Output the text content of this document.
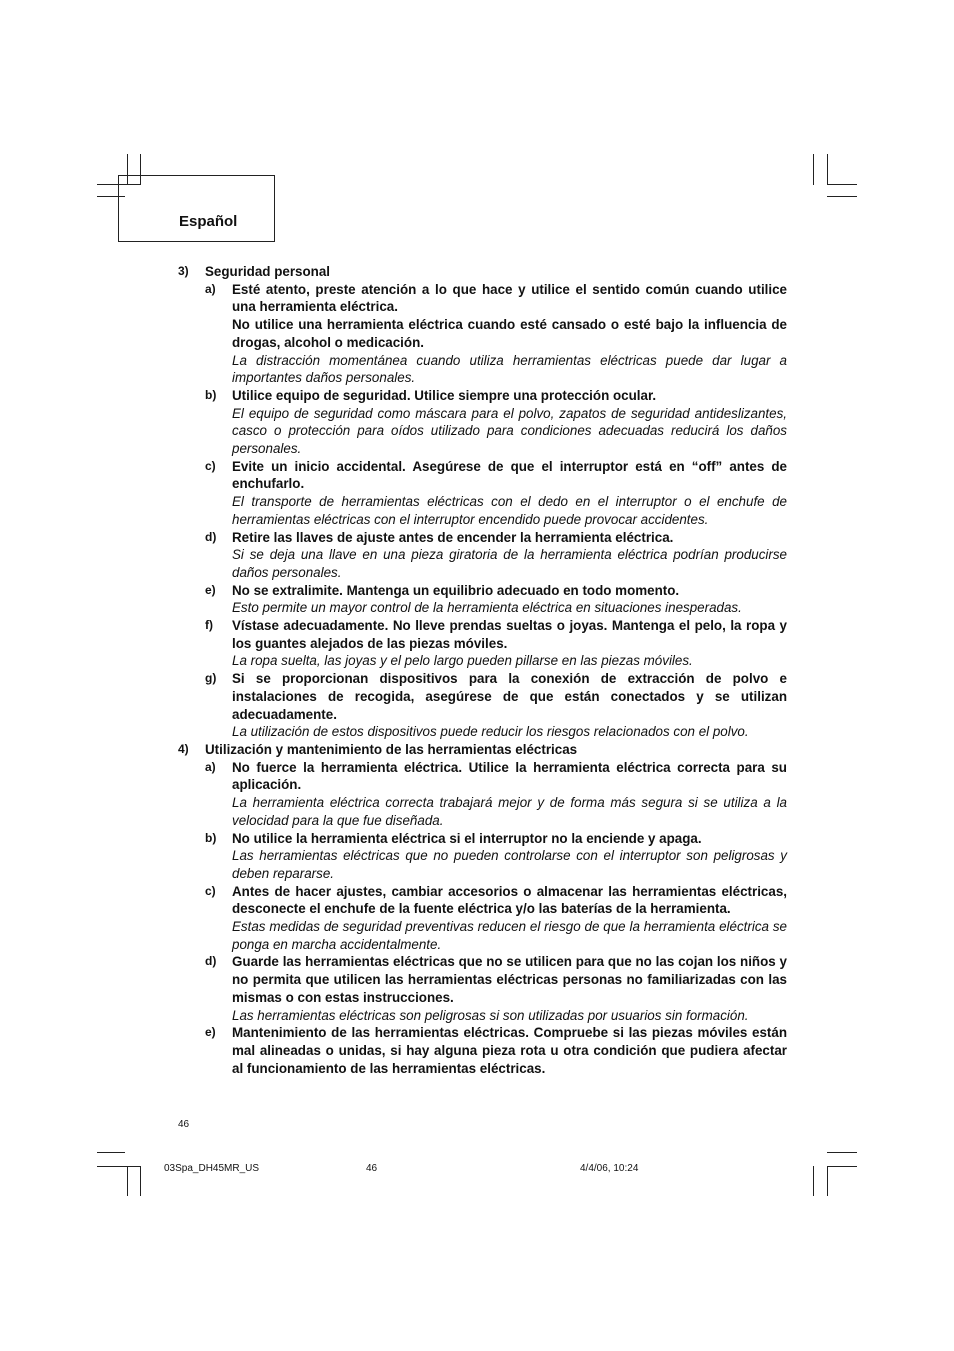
Español
3)	Seguridad personal
a)	Esté atento, preste atención a lo que hace y utilice el sentido común cuando utilice una herramienta eléctrica.

No utilice una herramienta eléctrica cuando esté cansado o esté bajo la influencia de drogas, alcohol o medicación.

La distracción momentánea cuando utiliza herramientas eléctricas puede dar lugar a importantes daños personales.

b)	Utilice equipo de seguridad. Utilice siempre una protección ocular.

El equipo de seguridad como máscara para el polvo, zapatos de seguridad antideslizantes, casco o protección para oídos utilizado para condiciones adecuadas reducirá los daños personales.

c)	Evite un inicio accidental. Asegúrese de que el interruptor está en “off” antes de enchufarlo.

El transporte de herramientas eléctricas con el dedo en el interruptor o el enchufe de herramientas eléctricas con el interruptor encendido puede provocar accidentes.

d)	Retire las llaves de ajuste antes de encender la herramienta eléctrica.

Si se deja una llave en una pieza giratoria de la herramienta eléctrica podrían producirse daños personales.

e)	No se extralimite. Mantenga un equilibrio adecuado en todo momento.

Esto permite un mayor control de la herramienta eléctrica en situaciones inesperadas.

f)	Vístase adecuadamente. No lleve prendas sueltas o joyas. Mantenga el pelo, la ropa y los guantes alejados de las piezas móviles.

La ropa suelta, las joyas y el pelo largo pueden pillarse en las piezas móviles.

g)	Si se proporcionan dispositivos para la conexión de extracción de polvo e instalaciones de recogida, asegúrese de que están conectados y se utilizan adecuadamente.

La utilización de estos dispositivos puede reducir los riesgos relacionados con el polvo.

4)	Utilización y mantenimiento de las herramientas eléctricas
a)	No fuerce la herramienta eléctrica. Utilice la herramienta eléctrica correcta para su aplicación.

La herramienta eléctrica correcta trabajará mejor y de forma más segura si se utiliza a la velocidad para la que fue diseñada.

b)	No utilice la herramienta eléctrica si el interruptor no la enciende y apaga.

Las herramientas eléctricas que no pueden controlarse con el interruptor son peligrosas y deben repararse.

c)	Antes de hacer ajustes, cambiar accesorios o almacenar las herramientas eléctricas, desconecte el enchufe de la fuente eléctrica y/o las baterías de la herramienta.

Estas medidas de seguridad preventivas reducen el riesgo de que la herramienta eléctrica se ponga en marcha accidentalmente.

d)	Guarde las herramientas eléctricas que no se utilicen para que no las cojan los niños y no permita que utilicen las herramientas eléctricas personas no familiarizadas con las mismas o con estas instrucciones.

Las herramientas eléctricas son peligrosas si son utilizadas por usuarios sin formación.

e)	Mantenimiento de las herramientas eléctricas. Compruebe si las piezas móviles están mal alineadas o unidas, si hay alguna pieza rota u otra condición que pudiera afectar al funcionamiento de las herramientas eléctricas.

46
03Spa_DH45MR_US	46	4/4/06, 10:24
